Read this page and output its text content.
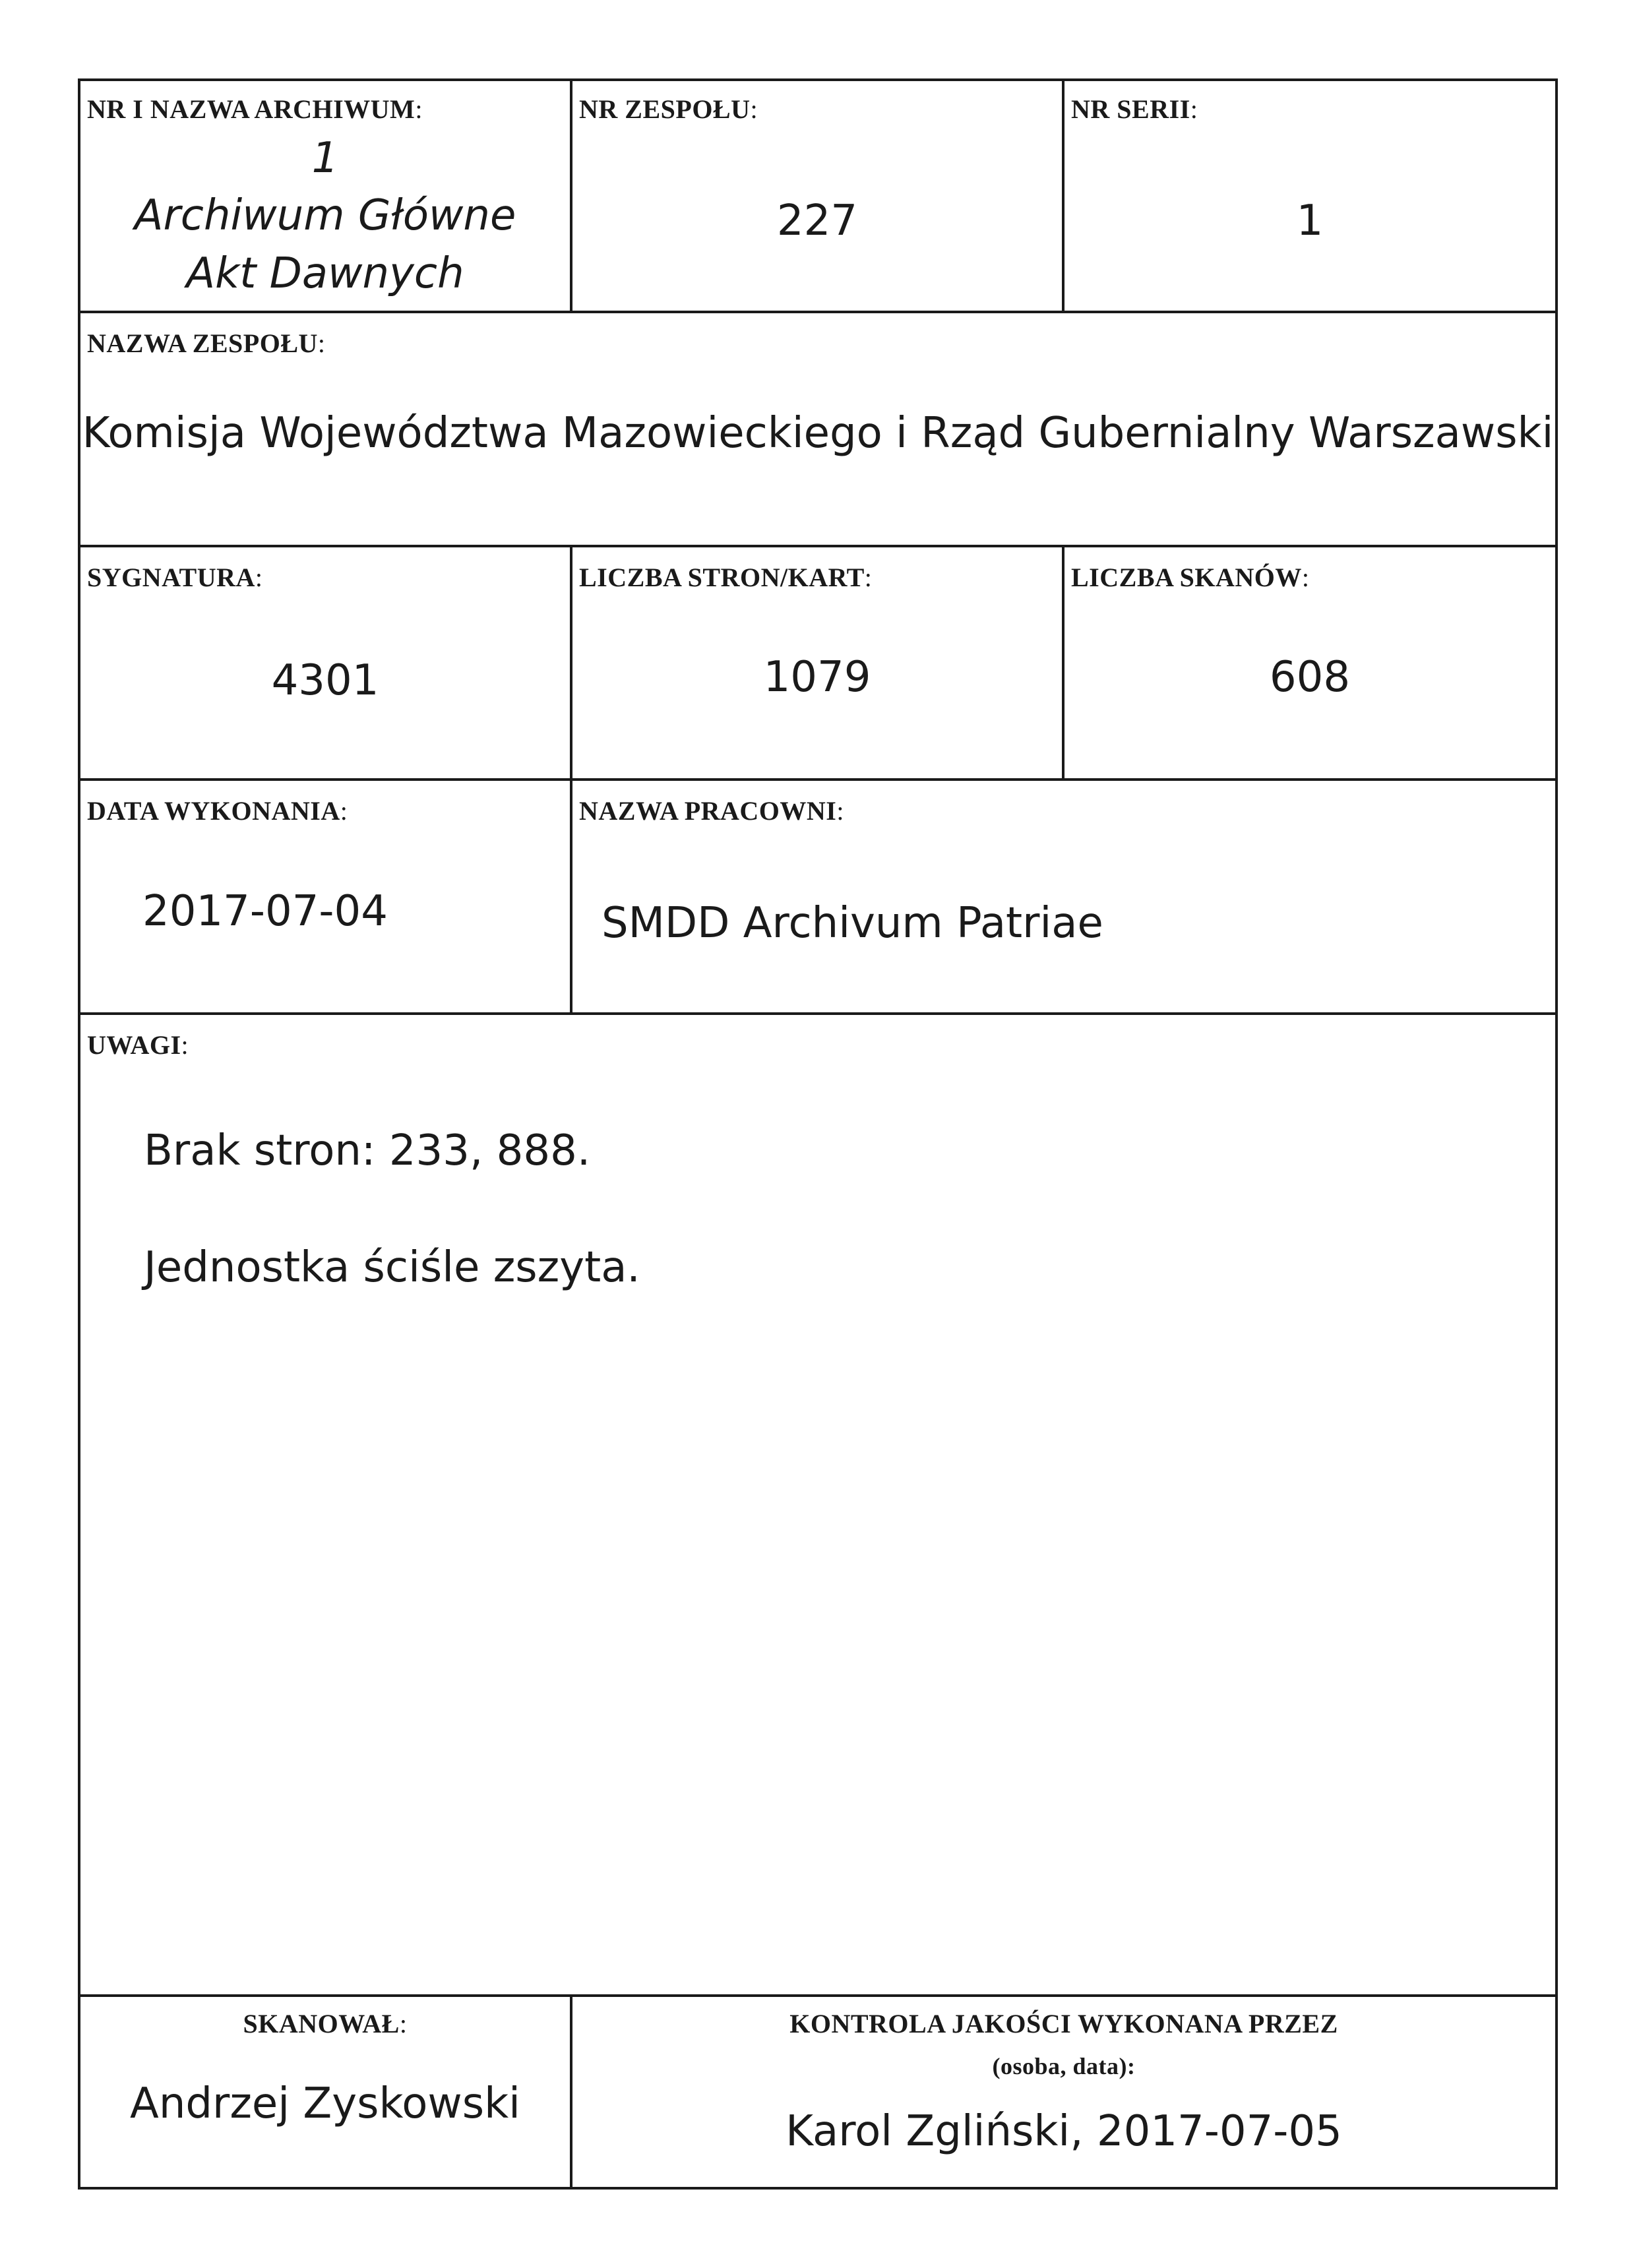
NR I NAZWA ARCHIWUM:
1
Archiwum Główne
Akt Dawnych
NR ZESPOŁU:
227
NR SERII:
1
NAZWA ZESPOŁU:
Komisja Województwa Mazowieckiego i Rząd Gubernialny Warszawski
SYGNATURA:
4301
LICZBA STRON/KART:
1079
LICZBA SKANÓW:
608
DATA WYKONANIA:
2017-07-04
NAZWA PRACOWNI:
SMDD Archivum Patriae
UWAGI:
Brak stron: 233, 888.
Jednostka ściśle zszyta.
SKANOWAŁ:
Andrzej Zyskowski
KONTROLA JAKOŚCI WYKONANA PRZEZ
(osoba, data):
Karol Zgliński, 2017-07-05
